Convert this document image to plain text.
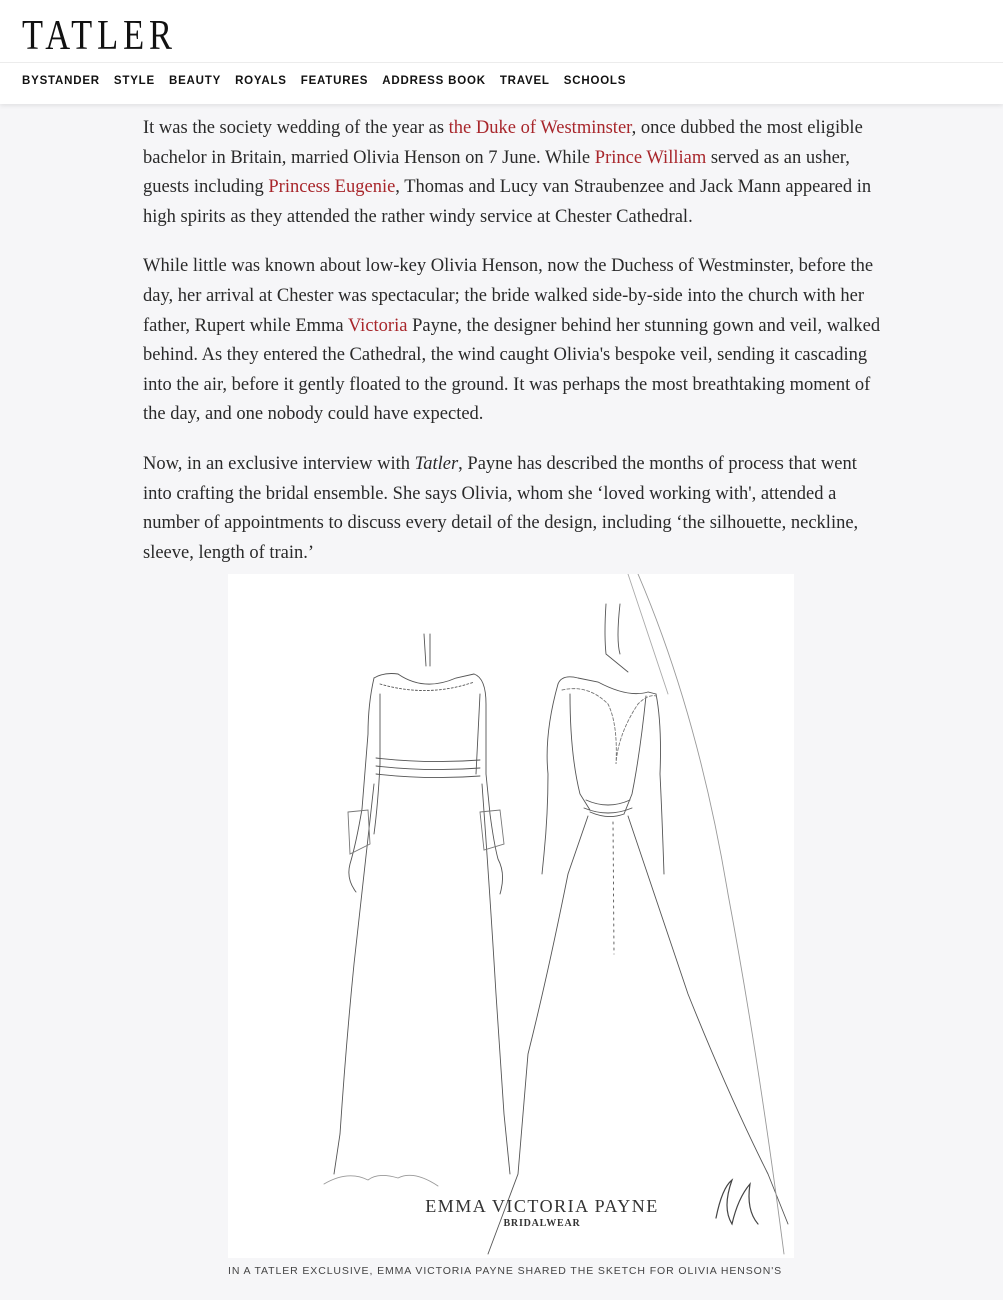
TATLER
BYSTANDER STYLE BEAUTY ROYALS FEATURES ADDRESS BOOK TRAVEL SCHOOLS

It was the society wedding of the year as the Duke of Westminster, once dubbed the most eligible bachelor in Britain, married Olivia Henson on 7 June. While Prince William served as an usher, guests including Princess Eugenie, Thomas and Lucy van Straubenzee and Jack Mann appeared in high spirits as they attended the rather windy service at Chester Cathedral.

While little was known about low-key Olivia Henson, now the Duchess of Westminster, before the day, her arrival at Chester was spectacular; the bride walked side-by-side into the church with her father, Rupert while Emma Victoria Payne, the designer behind her stunning gown and veil, walked behind. As they entered the Cathedral, the wind caught Olivia's bespoke veil, sending it cascading into the air, before it gently floated to the ground. It was perhaps the most breathtaking moment of the day, and one nobody could have expected.

Now, in an exclusive interview with Tatler, Payne has described the months of process that went into crafting the bridal ensemble. She says Olivia, whom she ‘loved working with', attended a number of appointments to discuss every detail of the design, including ‘the silhouette, neckline, sleeve, length of train.’

EMMA VICTORIA PAYNE
BRIDALWEAR
IN A TATLER EXCLUSIVE, EMMA VICTORIA PAYNE SHARED THE SKETCH FOR OLIVIA HENSON'S
